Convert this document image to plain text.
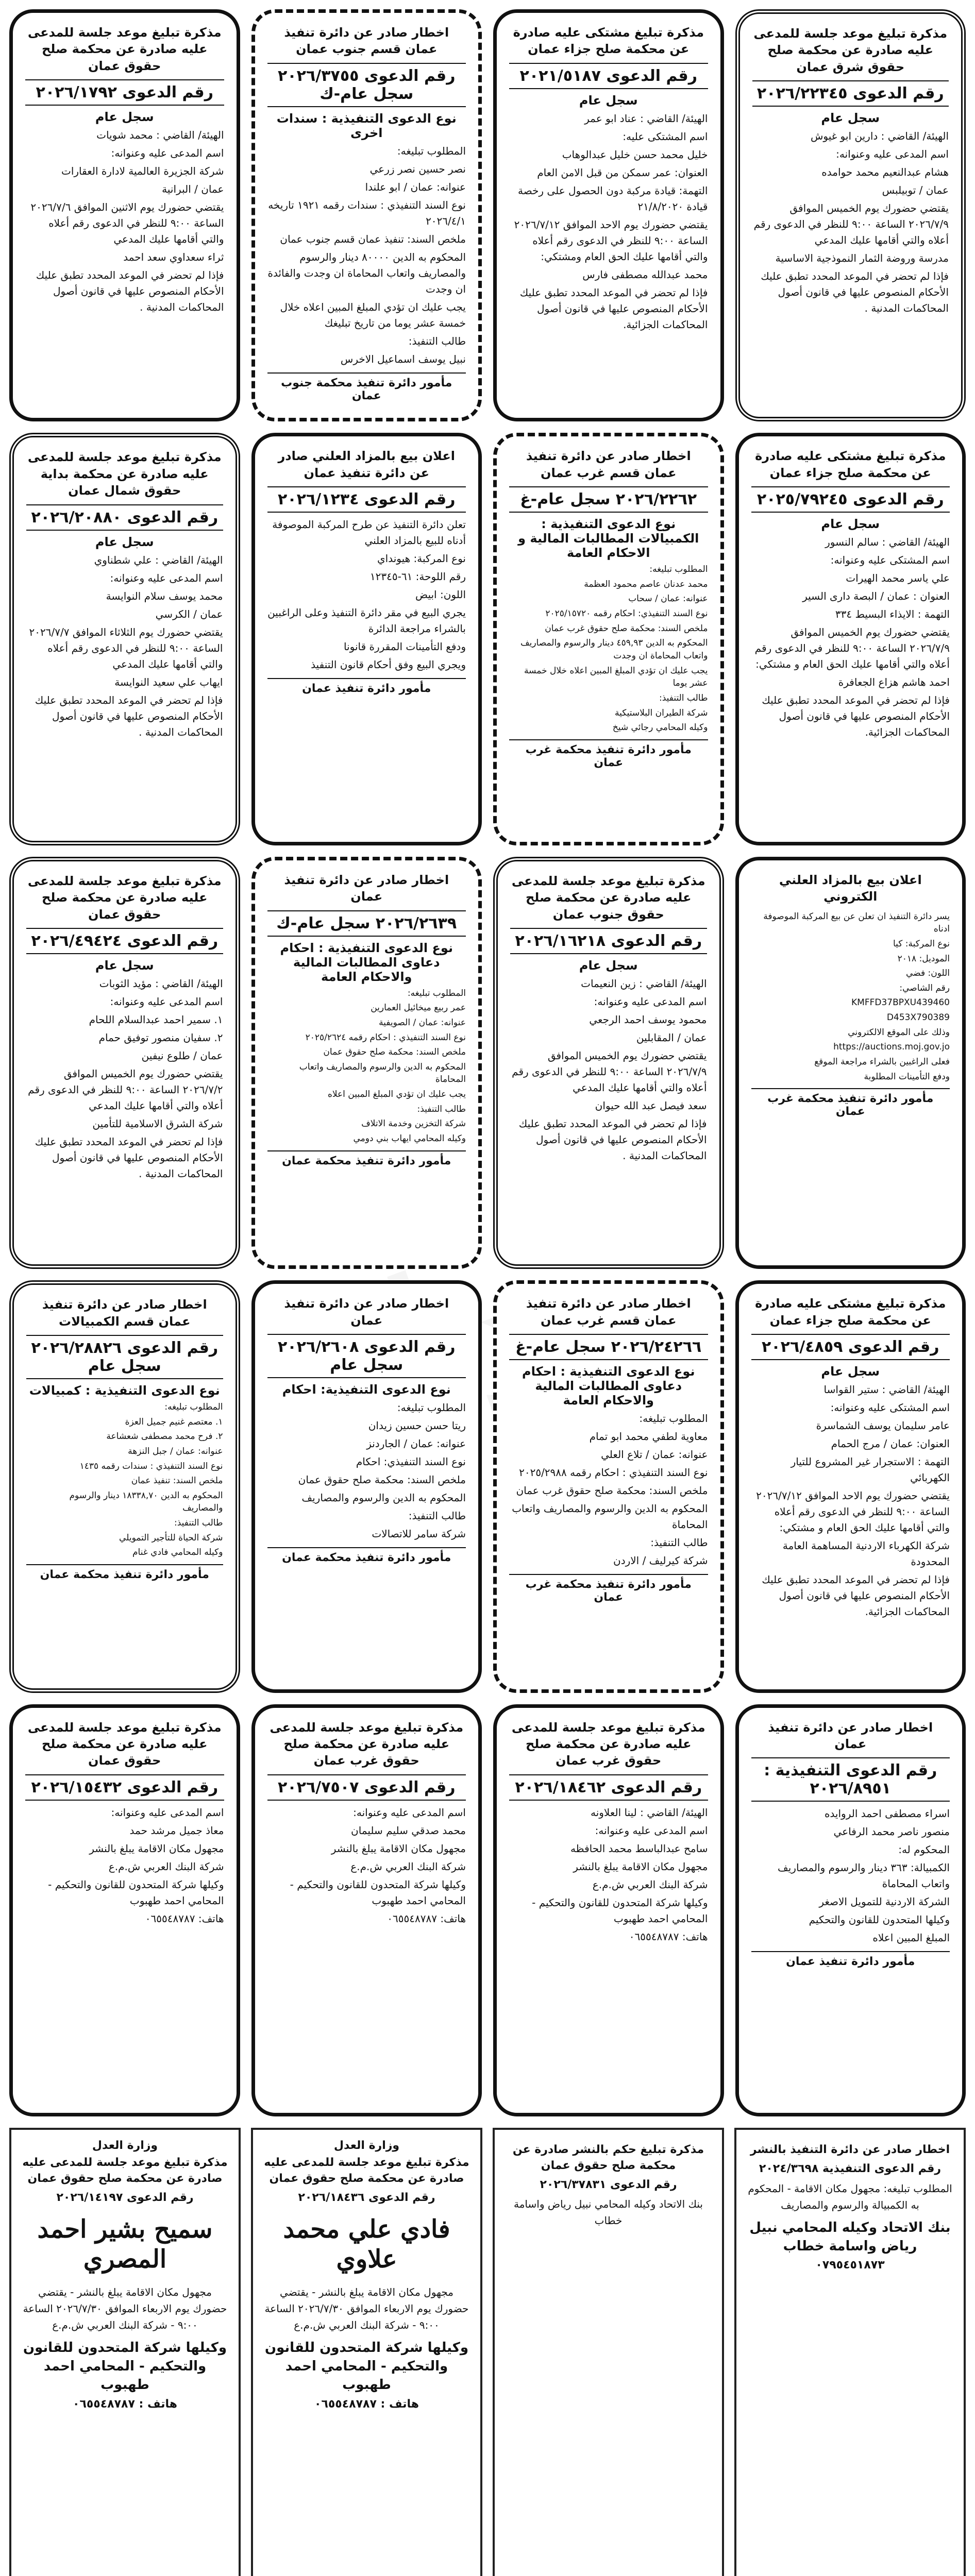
مذكرة تبليغ موعد جلسة للمدعى عليه صادرة عن محكمة صلح حقوق شرق عمان
رقم الدعوى ٢٠٢٦/٢٢٣٤٥
سجل عام
الهيئة/ القاضي : دارين ابو غيوش
اسم المدعى عليه وعنوانه:
هشام عبدالنعيم محمد حوامده
عمان / توبيلبس
يقتضي حضورك يوم الخميس الموافق ٢٠٢٦/٧/٩ الساعة ٩:٠٠ للنظر في الدعوى رقم أعلاه والتي أقامها عليك المدعي
مدرسة وروضة الثمار النموذجية الاساسية
فإذا لم تحضر في الموعد المحدد تطبق عليك الأحكام المنصوص عليها في قانون أصول المحاكمات المدنية .
مذكرة تبليغ مشتكى عليه صادرة عن محكمة صلح جزاء عمان
رقم الدعوى ٢٠٢١/٥١٨٧
سجل عام
الهيئة/ القاضي : عناد ابو عمر
اسم المشتكى عليه:
خليل محمد حسن خليل عبدالوهاب
العنوان: عمر سمكن من قبل الامن العام
التهمة: قيادة مركبة دون الحصول على رخصة قيادة ٢١/٨/٢٠٢٠
يقتضي حضورك يوم الاحد الموافق ٢٠٢٦/٧/١٢ الساعة ٩:٠٠ للنظر في الدعوى رقم أعلاه والتي أقامها عليك الحق العام ومشتكي:
محمد عبدالله مصطفى فارس
فإذا لم تحضر في الموعد المحدد تطبق عليك الأحكام المنصوص عليها في قانون أصول المحاكمات الجزائية.
اخطار صادر عن دائرة تنفيذ عمان قسم جنوب عمان
رقم الدعوى ٢٠٢٦/٣٧٥٥ سجل عام-ك
نوع الدعوى التنفيذية : سندات اخرى
المطلوب تبليغه:
نصر حسين نصر زرعي
عنوانه: عمان / ابو علندا
نوع السند التنفيذي : سندات رقمه ١٩٢١ تاريخه ٢٠٢٦/٤/١
ملخص السند: تنفيذ عمان قسم جنوب عمان
المحكوم به الدين ٨٠٠٠٠ دينار والرسوم والمصاريف واتعاب المحاماة ان وجدت والفائدة ان وجدت
يجب عليك ان تؤدي المبلغ المبين اعلاه خلال خمسة عشر يوما من تاريخ تبليغك
طالب التنفيذ:
نبيل يوسف اسماعيل الاخرس
مأمور دائرة تنفيذ محكمة جنوب عمان
مذكرة تبليغ موعد جلسة للمدعى عليه صادرة عن محكمة صلح حقوق عمان
رقم الدعوى ٢٠٢٦/١٧٩٢
سجل عام
الهيئة/ القاضي : محمد شويات
اسم المدعى عليه وعنوانه:
شركة الجزيرة العالمية لادارة العقارات
عمان / البرانية
يقتضي حضورك يوم الاثنين الموافق ٢٠٢٦/٧/٦ الساعة ٩:٠٠ للنظر في الدعوى رقم أعلاه والتي أقامها عليك المدعي
ثراء سعداوي سعد احمد
فإذا لم تحضر في الموعد المحدد تطبق عليك الأحكام المنصوص عليها في قانون أصول المحاكمات المدنية .
مذكرة تبليغ مشتكى عليه صادرة عن محكمة صلح جزاء عمان
رقم الدعوى ٢٠٢٥/٧٩٢٤٥
سجل عام
الهيئة/ القاضي : سالم النسور
اسم المشتكى عليه وعنوانه:
علي ياسر محمد الهيرات
العنوان : عمان / البصة دارى السير
التهمة : الايذاء البسيط ٣٣٤
يقتضي حضورك يوم الخميس الموافق ٢٠٢٦/٧/٩ الساعة ٩:٠٠ للنظر في الدعوى رقم أعلاه والتي أقامها عليك الحق العام و مشتكي:
احمد هاشم هزاع الجعافرة
فإذا لم تحضر في الموعد المحدد تطبق عليك الأحكام المنصوص عليها في قانون أصول المحاكمات الجزائية.
اخطار صادر عن دائرة تنفيذ عمان قسم غرب عمان
٢٠٢٦/٢٢٦٢ سجل عام-غ
نوع الدعوى التنفيذية : الكمبيالات المطالبات المالية و الاحكام العامة
المطلوب تبليغه:
محمد عدنان عاصم محمود العظمة
عنوانه: عمان / سحاب
نوع السند التنفيذي: احكام رقمه ٢٠٢٥/١٥٧٢٠
ملخص السند: محكمة صلح حقوق غرب عمان
المحكوم به الدين ٤٥٩,٩٣ دينار والرسوم والمصاريف واتعاب المحاماة ان وجدت
يجب عليك ان تؤدي المبلغ المبين اعلاه خلال خمسة عشر يوما
طالب التنفيذ:
شركة الطيران البلاستيكية
وكيله المحامي رجائي شيخ
مأمور دائرة تنفيذ محكمة غرب عمان
اعلان بيع بالمزاد العلني صادر عن دائرة تنفيذ عمان
رقم الدعوى ٢٠٢٦/١٢٣٤
تعلن دائرة التنفيذ عن طرح المركبة الموصوفة أدناه للبيع بالمزاد العلني
نوع المركبة: هيونداي
رقم اللوحة: ٦١-١٢٣٤٥
اللون: ابيض
يجري البيع في مقر دائرة التنفيذ وعلى الراغبين بالشراء مراجعة الدائرة
ودفع التأمينات المقررة قانونا
ويجري البيع وفق أحكام قانون التنفيذ
مأمور دائرة تنفيذ عمان
مذكرة تبليغ موعد جلسة للمدعى عليه صادرة عن محكمة بداية حقوق شمال عمان
رقم الدعوى ٢٠٢٦/٢٠٨٨٠
سجل عام
الهيئة/ القاضي : علي شطناوي
اسم المدعى عليه وعنوانه:
محمد يوسف سلام النوايسة
عمان / الكرسي
يقتضي حضورك يوم الثلاثاء الموافق ٢٠٢٦/٧/٧ الساعة ٩:٠٠ للنظر في الدعوى رقم أعلاه والتي أقامها عليك المدعي
ايهاب علي سعيد النوايسة
فإذا لم تحضر في الموعد المحدد تطبق عليك الأحكام المنصوص عليها في قانون أصول المحاكمات المدنية .
اعلان بيع بالمزاد العلني الكتروني
يسر دائرة التنفيذ ان تعلن عن بيع المركبة الموصوفة ادناه
نوع المركبة: كيا
الموديل: ٢٠١٨
اللون: فضي
رقم الشاصي:
KMFFD37BPXU439460
D453X790389
وذلك على الموقع الالكتروني
https://auctions.moj.gov.jo
فعلى الراغبين بالشراء مراجعة الموقع
ودفع التأمينات المطلوبة
مأمور دائرة تنفيذ محكمة غرب عمان
مذكرة تبليغ موعد جلسة للمدعى عليه صادرة عن محكمة صلح حقوق جنوب عمان
رقم الدعوى ٢٠٢٦/١٦٢١٨
سجل عام
الهيئة/ القاضي : زين النعيمات
اسم المدعى عليه وعنوانه:
محمود يوسف احمد الرجعي
عمان / المقابلين
يقتضي حضورك يوم الخميس الموافق ٢٠٢٦/٧/٩ الساعة ٩:٠٠ للنظر في الدعوى رقم أعلاه والتي أقامها عليك المدعي
سعد فيصل عبد الله حيوان
فإذا لم تحضر في الموعد المحدد تطبق عليك الأحكام المنصوص عليها في قانون أصول المحاكمات المدنية .
اخطار صادر عن دائرة تنفيذ عمان
٢٠٢٦/٢٦٣٩ سجل عام-ك
نوع الدعوى التنفيذية : احكام دعاوى المطالبات المالية والاحكام العامة
المطلوب تبليغه:
عمر ربيع ميخائيل العمارين
عنوانه: عمان / الصويفية
نوع السند التنفيذي : احكام رقمه ٢٠٢٥/٢٦٢٤
ملخص السند: محكمة صلح حقوق عمان
المحكوم به الدين والرسوم والمصاريف واتعاب المحاماة
يجب عليك ان تؤدي المبلغ المبين اعلاه
طالب التنفيذ:
شركة التخزين وخدمة الاتلاف
وكيله المحامي ايهاب بني دومي
مأمور دائرة تنفيذ محكمة عمان
مذكرة تبليغ موعد جلسة للمدعى عليه صادرة عن محكمة صلح حقوق عمان
رقم الدعوى ٢٠٢٦/٤٩٤٢٤
سجل عام
الهيئة/ القاضي : مؤيد الثوبات
اسم المدعى عليه وعنوانه:
١. سمير احمد عبدالسلام اللحام
٢. سفيان منصور توفيق حمام
عمان / طلوع نيفين
يقتضي حضورك يوم الخميس الموافق ٢٠٢٦/٧/٢ الساعة ٩:٠٠ للنظر في الدعوى رقم أعلاه والتي أقامها عليك المدعي
شركة الشرق الاسلامية للتأمين
فإذا لم تحضر في الموعد المحدد تطبق عليك الأحكام المنصوص عليها في قانون أصول المحاكمات المدنية .
مذكرة تبليغ مشتكى عليه صادرة عن محكمة صلح جزاء عمان
رقم الدعوى ٢٠٢٦/٤٨٥٩
سجل عام
الهيئة/ القاضي : ستير القواسا
اسم المشتكى عليه وعنوانه:
عامر سليمان يوسف الشماسرة
العنوان: عمان / مرج الحمام
التهمة : الاستجرار غير المشروع للتيار الكهربائي
يقتضي حضورك يوم الاحد الموافق ٢٠٢٦/٧/١٢ الساعة ٩:٠٠ للنظر في الدعوى رقم أعلاه والتي أقامها عليك الحق العام و مشتكي:
شركة الكهرباء الاردنية المساهمة العامة المحدودة
فإذا لم تحضر في الموعد المحدد تطبق عليك الأحكام المنصوص عليها في قانون أصول المحاكمات الجزائية.
اخطار صادر عن دائرة تنفيذ عمان قسم غرب عمان
٢٠٢٦/٢٤٢٦٦ سجل عام-غ
نوع الدعوى التنفيذية : احكام دعاوى المطالبات المالية والاحكام العامة
المطلوب تبليغه:
معاوية لطفي محمد ابو تمام
عنوانه: عمان / تلاع العلي
نوع السند التنفيذي : احكام رقمه ٢٠٢٥/٢٩٨٨
ملخص السند: محكمة صلح حقوق غرب عمان
المحكوم به الدين والرسوم والمصاريف واتعاب المحاماة
طالب التنفيذ:
شركة كيرليف / الاردن
مأمور دائرة تنفيذ محكمة غرب عمان
اخطار صادر عن دائرة تنفيذ عمان
رقم الدعوى ٢٠٢٦/٢٦٠٨ سجل عام
نوع الدعوى التنفيذية: احكام
المطلوب تبليغه:
ريتا حسن حسين زيدان
عنوانه: عمان / الجاردنز
نوع السند التنفيذي: احكام
ملخص السند: محكمة صلح حقوق عمان
المحكوم به الدين والرسوم والمصاريف
طالب التنفيذ:
شركة سامر للاتصالات
مأمور دائرة تنفيذ محكمة عمان
اخطار صادر عن دائرة تنفيذ عمان قسم الكمبيالات
رقم الدعوى ٢٠٢٦/٢٨٨٢٦ سجل عام
نوع الدعوى التنفيذية : كمبيالات
المطلوب تبليغه:
١. معتصم غنيم جميل العزة
٢. فرح محمد مصطفى شعشاعة
عنوانه: عمان / جبل النزهة
نوع السند التنفيذي : سندات رقمه ١٤٣٥
ملخص السند: تنفيذ عمان
المحكوم به الدين ١٨٣٣٨,٧٠ دينار والرسوم والمصاريف
طالب التنفيذ:
شركة الحياة للتأجير التمويلي
وكيله المحامي فادي غنام
مأمور دائرة تنفيذ محكمة عمان
اخطار صادر عن دائرة تنفيذ عمان
رقم الدعوى التنفيذية : ٢٠٢٦/٨٩٥١
اسراء مصطفى احمد الروايده
منصور ناصر محمد الرفاعي
المحكوم له:
الكمبيالة: ٣٦٣ دينار والرسوم والمصاريف واتعاب المحاماة
الشركة الاردنية للتمويل الاصغر
وكيلها المتحدون للقانون والتحكيم
المبلغ المبين اعلاه
مأمور دائرة تنفيذ عمان
مذكرة تبليغ موعد جلسة للمدعى عليه صادرة عن محكمة صلح حقوق غرب عمان
رقم الدعوى ٢٠٢٦/١٨٤٦٢
الهيئة/ القاضي : لينا العلاونه
اسم المدعى عليه وعنوانه:
سامح عبدالباسط محمد الحافظه
مجهول مكان الاقامة يبلغ بالنشر
شركة البنك العربي ش.م.ع
وكيلها شركة المتحدون للقانون والتحكيم - المحامي احمد طهبوب
هاتف: ٠٦٥٥٤٨٧٨٧
مذكرة تبليغ موعد جلسة للمدعى عليه صادرة عن محكمة صلح حقوق غرب عمان
رقم الدعوى ٢٠٢٦/٧٥٠٧
اسم المدعى عليه وعنوانه:
محمد صدقي سليم سليمان
مجهول مكان الاقامة يبلغ بالنشر
شركة البنك العربي ش.م.ع
وكيلها شركة المتحدون للقانون والتحكيم - المحامي احمد طهبوب
هاتف: ٠٦٥٥٤٨٧٨٧
مذكرة تبليغ موعد جلسة للمدعى عليه صادرة عن محكمة صلح حقوق عمان
رقم الدعوى ٢٠٢٦/١٥٤٣٢
اسم المدعى عليه وعنوانه:
معاذ جميل مرشد حمد
مجهول مكان الاقامة يبلغ بالنشر
شركة البنك العربي ش.م.ع
وكيلها شركة المتحدون للقانون والتحكيم - المحامي احمد طهبوب
هاتف: ٠٦٥٥٤٨٧٨٧
اخطار صادر عن دائرة التنفيذ بالنشر
رقم الدعوى التنفيذية ٢٠٢٤/٣٦٩٨
المطلوب تبليغه: مجهول مكان الاقامة - المحكوم به الكمبيالة والرسوم والمصاريف
بنك الاتحاد وكيله المحامي نبيل رياض واسامة خطاب
٠٧٩٥٤٥١٨٧٣
مذكرة تبليغ حكم بالنشر صادرة عن محكمة صلح حقوق عمان
رقم الدعوى ٢٠٢٦/٣٧٨٣١
بنك الاتحاد وكيله المحامي نبيل رياض واسامة خطاب
وزارة العدل
مذكرة تبليغ موعد جلسة للمدعى عليه صادرة عن محكمة صلح حقوق عمان
رقم الدعوى ٢٠٢٦/١٨٤٣٦
فادي علي محمد علاوي
مجهول مكان الاقامة يبلغ بالنشر - يقتضي حضورك يوم الاربعاء الموافق ٢٠٢٦/٧/٣٠ الساعة ٩:٠٠ - شركة البنك العربي ش.م.ع
وكيلها شركة المتحدون للقانون والتحكيم - المحامي احمد طهبوب
هاتف : ٠٦٥٥٤٨٧٨٧
وزارة العدل
مذكرة تبليغ موعد جلسة للمدعى عليه صادرة عن محكمة صلح حقوق عمان
رقم الدعوى ٢٠٢٦/١٤١٩٧
سميح بشير احمد المصري
مجهول مكان الاقامة يبلغ بالنشر - يقتضي حضورك يوم الاربعاء الموافق ٢٠٢٦/٧/٣٠ الساعة ٩:٠٠ - شركة البنك العربي ش.م.ع
وكيلها شركة المتحدون للقانون والتحكيم - المحامي احمد طهبوب
هاتف : ٠٦٥٥٤٨٧٨٧
